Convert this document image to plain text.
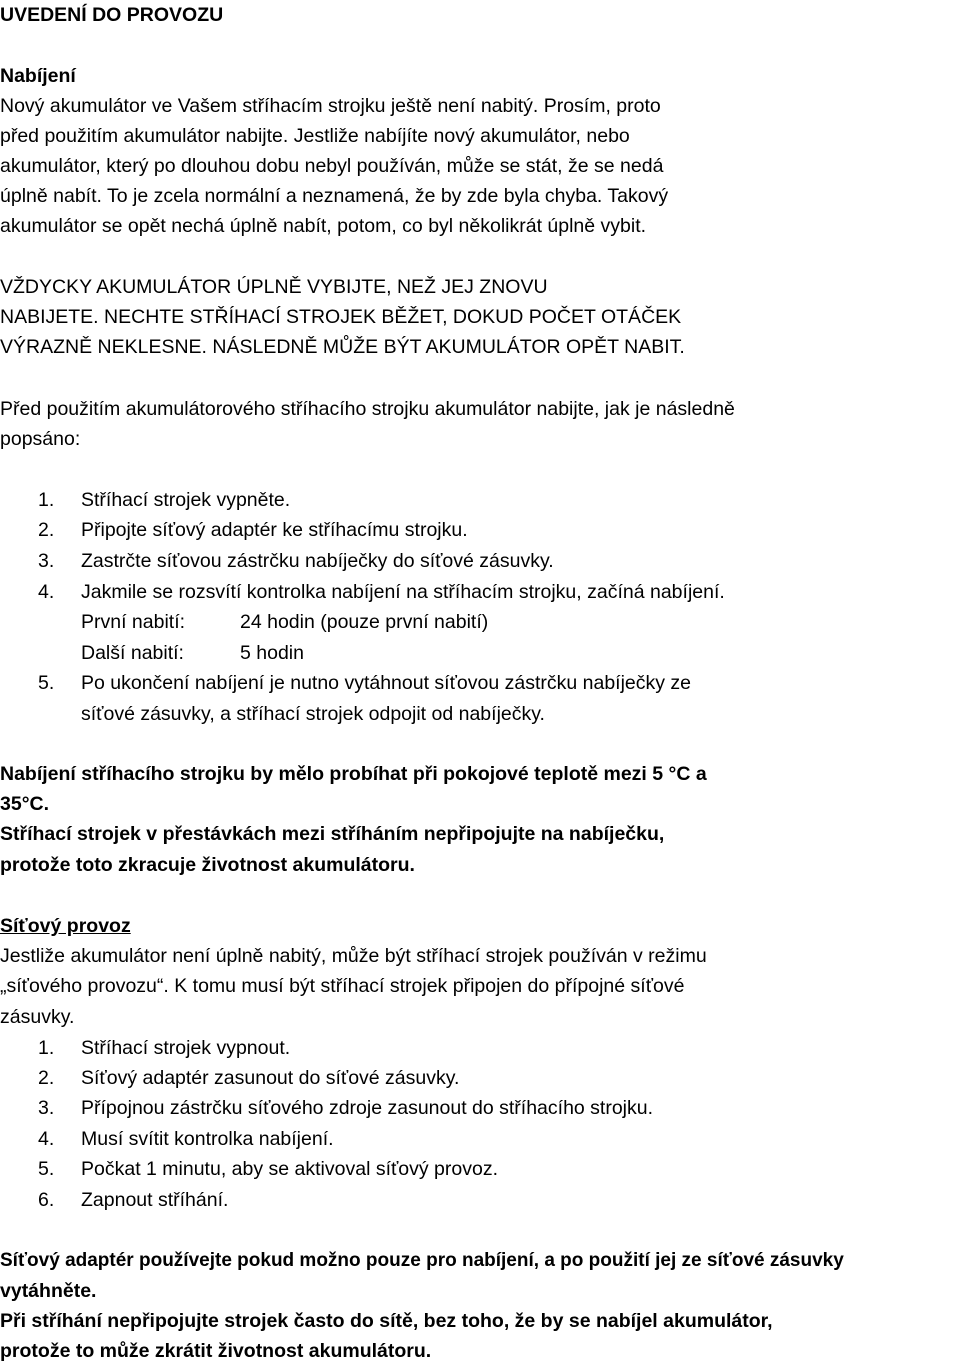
UVEDENÍ DO PROVOZU
Nabíjení
Nový akumulátor ve Vašem stříhacím strojku ještě není nabitý. Prosím, proto
před použitím akumulátor nabijte. Jestliže nabíjíte nový akumulátor, nebo
akumulátor, který po dlouhou dobu nebyl používán, může se stát, že se nedá
úplně nabít. To je zcela normální a neznamená, že by zde byla chyba. Takový
akumulátor se opět nechá úplně nabít, potom, co byl několikrát úplně vybit.
VŽDYCKY AKUMULÁTOR ÚPLNĚ VYBIJTE, NEŽ JEJ ZNOVU
NABIJETE. NECHTE STŘÍHACÍ STROJEK BĚŽET, DOKUD POČET OTÁČEK
VÝRAZNĚ NEKLESNE. NÁSLEDNĚ MŮŽE BÝT AKUMULÁTOR OPĚT NABIT.
Před použitím akumulátorového stříhacího strojku akumulátor nabijte, jak je následně
popsáno:
1. Stříhací strojek vypněte.
2. Připojte síťový adaptér ke stříhacímu strojku.
3. Zastrčte síťovou zástrčku nabíječky do síťové zásuvky.
4. Jakmile se rozsvítí kontrolka nabíjení na stříhacím strojku, začíná nabíjení.
První nabití:	24 hodin (pouze první nabití)
Další nabití:	5 hodin
5. Po ukončení nabíjení je nutno vytáhnout síťovou zástrčku nabíječky ze
síťové zásuvky, a stříhací strojek odpojit od nabíječky.
Nabíjení stříhacího strojku by mělo probíhat při pokojové teplotě mezi 5 °C a
35°C.
Stříhací strojek v přestávkách mezi stříháním nepřipojujte na nabíječku,
protože toto zkracuje životnost akumulátoru.
Síťový provoz
Jestliže akumulátor není úplně nabitý, může být stříhací strojek používán v režimu
„síťového provozu“. K tomu musí být stříhací strojek připojen do přípojné síťové
zásuvky.
1. Stříhací strojek vypnout.
2. Síťový adaptér zasunout do síťové zásuvky.
3. Přípojnou zástrčku síťového zdroje zasunout do stříhacího strojku.
4. Musí svítit kontrolka nabíjení.
5. Počkat 1 minutu, aby se aktivoval síťový provoz.
6. Zapnout stříhání.
Síťový adaptér používejte pokud možno pouze pro nabíjení, a po použití jej ze síťové zásuvky
vytáhněte.
Při stříhání nepřipojujte strojek často do sítě, bez toho, že by se nabíjel akumulátor,
protože to může zkrátit životnost akumulátoru.
